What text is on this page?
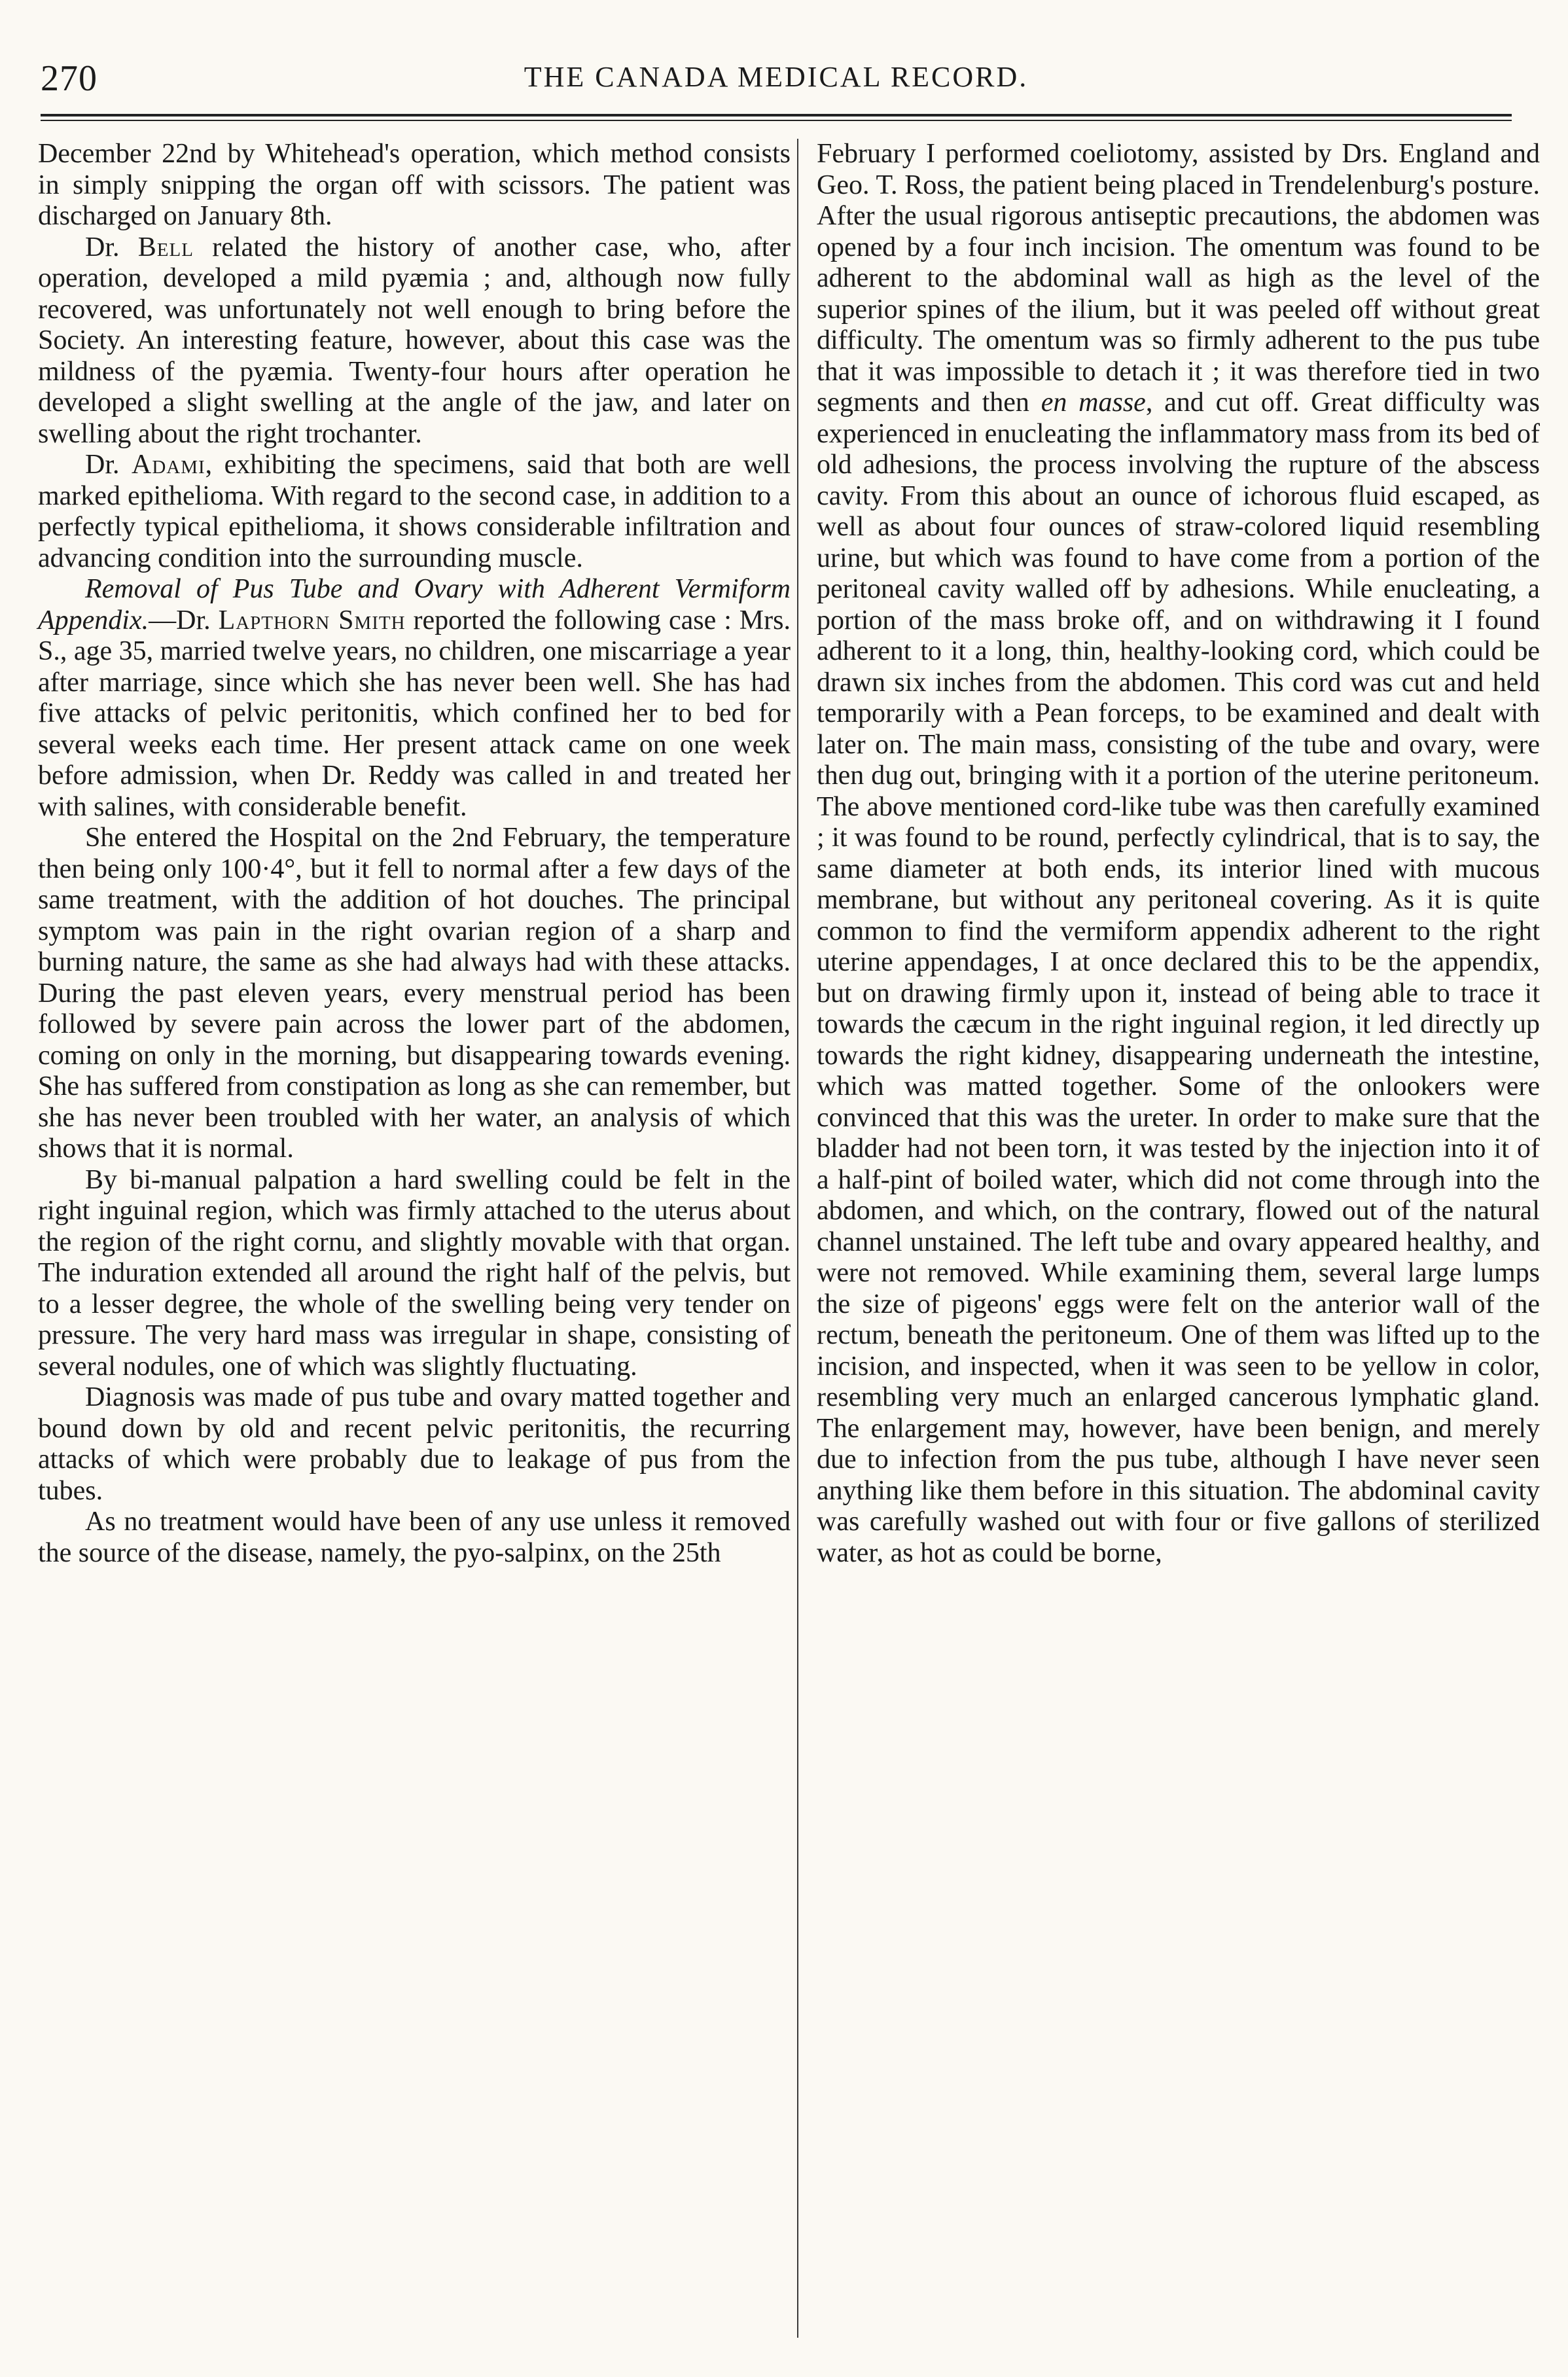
270	THE CANADA MEDICAL RECORD.

December 22nd by Whitehead's operation, which method consists in simply snipping the organ off with scissors. The patient was discharged on January 8th.

Dr. Bell related the history of another case, who, after operation, developed a mild pyæmia ; and, although now fully recovered, was unfortunately not well enough to bring before the Society. An interesting feature, however, about this case was the mildness of the pyæmia. Twenty-four hours after operation he developed a slight swelling at the angle of the jaw, and later on swelling about the right trochanter.

Dr. Adami, exhibiting the specimens, said that both are well marked epithelioma. With regard to the second case, in addition to a perfectly typical epithelioma, it shows considerable infiltration and advancing condition into the surrounding muscle.

Removal of Pus Tube and Ovary with Adherent Vermiform Appendix.—Dr. Lapthorn Smith reported the following case : Mrs. S., age 35, married twelve years, no children, one miscarriage a year after marriage, since which she has never been well. She has had five attacks of pelvic peritonitis, which confined her to bed for several weeks each time. Her present attack came on one week before admission, when Dr. Reddy was called in and treated her with salines, with considerable benefit.

She entered the Hospital on the 2nd February, the temperature then being only 100·4°, but it fell to normal after a few days of the same treatment, with the addition of hot douches. The principal symptom was pain in the right ovarian region of a sharp and burning nature, the same as she had always had with these attacks. During the past eleven years, every menstrual period has been followed by severe pain across the lower part of the abdomen, coming on only in the morning, but disappearing towards evening. She has suffered from constipation as long as she can remember, but she has never been troubled with her water, an analysis of which shows that it is normal.

By bi-manual palpation a hard swelling could be felt in the right inguinal region, which was firmly attached to the uterus about the region of the right cornu, and slightly movable with that organ. The induration extended all around the right half of the pelvis, but to a lesser degree, the whole of the swelling being very tender on pressure. The very hard mass was irregular in shape, consisting of several nodules, one of which was slightly fluctuating.

Diagnosis was made of pus tube and ovary matted together and bound down by old and recent pelvic peritonitis, the recurring attacks of which were probably due to leakage of pus from the tubes.

As no treatment would have been of any use unless it removed the source of the disease, namely, the pyo-salpinx, on the 25th

February I performed coeliotomy, assisted by Drs. England and Geo. T. Ross, the patient being placed in Trendelenburg's posture. After the usual rigorous antiseptic precautions, the abdomen was opened by a four inch incision. The omentum was found to be adherent to the abdominal wall as high as the level of the superior spines of the ilium, but it was peeled off without great difficulty. The omentum was so firmly adherent to the pus tube that it was impossible to detach it ; it was therefore tied in two segments and then en masse, and cut off. Great difficulty was experienced in enucleating the inflammatory mass from its bed of old adhesions, the process involving the rupture of the abscess cavity. From this about an ounce of ichorous fluid escaped, as well as about four ounces of straw-colored liquid resembling urine, but which was found to have come from a portion of the peritoneal cavity walled off by adhesions. While enucleating, a portion of the mass broke off, and on withdrawing it I found adherent to it a long, thin, healthy-looking cord, which could be drawn six inches from the abdomen. This cord was cut and held temporarily with a Pean forceps, to be examined and dealt with later on. The main mass, consisting of the tube and ovary, were then dug out, bringing with it a portion of the uterine peritoneum. The above mentioned cord-like tube was then carefully examined ; it was found to be round, perfectly cylindrical, that is to say, the same diameter at both ends, its interior lined with mucous membrane, but without any peritoneal covering. As it is quite common to find the vermiform appendix adherent to the right uterine appendages, I at once declared this to be the appendix, but on drawing firmly upon it, instead of being able to trace it towards the cæcum in the right inguinal region, it led directly up towards the right kidney, disappearing underneath the intestine, which was matted together. Some of the onlookers were convinced that this was the ureter. In order to make sure that the bladder had not been torn, it was tested by the injection into it of a half-pint of boiled water, which did not come through into the abdomen, and which, on the contrary, flowed out of the natural channel unstained. The left tube and ovary appeared healthy, and were not removed. While examining them, several large lumps the size of pigeons' eggs were felt on the anterior wall of the rectum, beneath the peritoneum. One of them was lifted up to the incision, and inspected, when it was seen to be yellow in color, resembling very much an enlarged cancerous lymphatic gland. The enlargement may, however, have been benign, and merely due to infection from the pus tube, although I have never seen anything like them before in this situation. The abdominal cavity was carefully washed out with four or five gallons of sterilized water, as hot as could be borne,
